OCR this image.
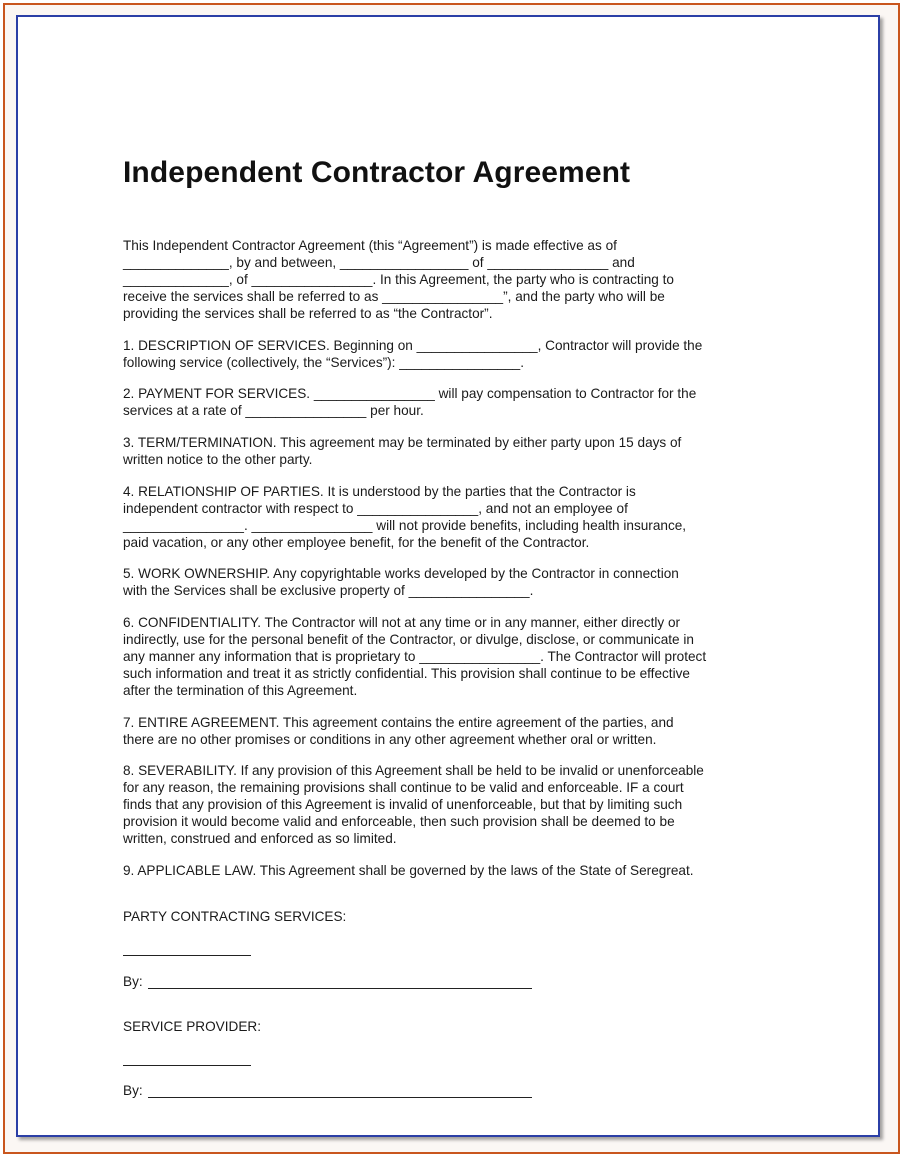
Independent Contractor Agreement
This Independent Contractor Agreement (this “Agreement”) is made effective as of
______________, by and between, _________________ of ________________ and
______________, of ________________. In this Agreement, the party who is contracting to
receive the services shall be referred to as ________________”, and the party who will be
providing the services shall be referred to as “the Contractor”.
1. DESCRIPTION OF SERVICES. Beginning on ________________, Contractor will provide the
following service (collectively, the “Services”): ________________.
2. PAYMENT FOR SERVICES. ________________ will pay compensation to Contractor for the
services at a rate of ________________ per hour.
3. TERM/TERMINATION. This agreement may be terminated by either party upon 15 days of
written notice to the other party.
4. RELATIONSHIP OF PARTIES. It is understood by the parties that the Contractor is
independent contractor with respect to ________________, and not an employee of
________________. ________________ will not provide benefits, including health insurance,
paid vacation, or any other employee benefit, for the benefit of the Contractor.
5. WORK OWNERSHIP. Any copyrightable works developed by the Contractor in connection
with the Services shall be exclusive property of ________________.
6. CONFIDENTIALITY. The Contractor will not at any time or in any manner, either directly or
indirectly, use for the personal benefit of the Contractor, or divulge, disclose, or communicate in
any manner any information that is proprietary to ________________. The Contractor will protect
such information and treat it as strictly confidential. This provision shall continue to be effective
after the termination of this Agreement.
7. ENTIRE AGREEMENT. This agreement contains the entire agreement of the parties, and
there are no other promises or conditions in any other agreement whether oral or written.
8. SEVERABILITY. If any provision of this Agreement shall be held to be invalid or unenforceable
for any reason, the remaining provisions shall continue to be valid and enforceable. IF a court
finds that any provision of this Agreement is invalid of unenforceable, but that by limiting such
provision it would become valid and enforceable, then such provision shall be deemed to be
written, construed and enforced as so limited.
9. APPLICABLE LAW. This Agreement shall be governed by the laws of the State of Seregreat.
PARTY CONTRACTING SERVICES:
By:
SERVICE PROVIDER:
By:
